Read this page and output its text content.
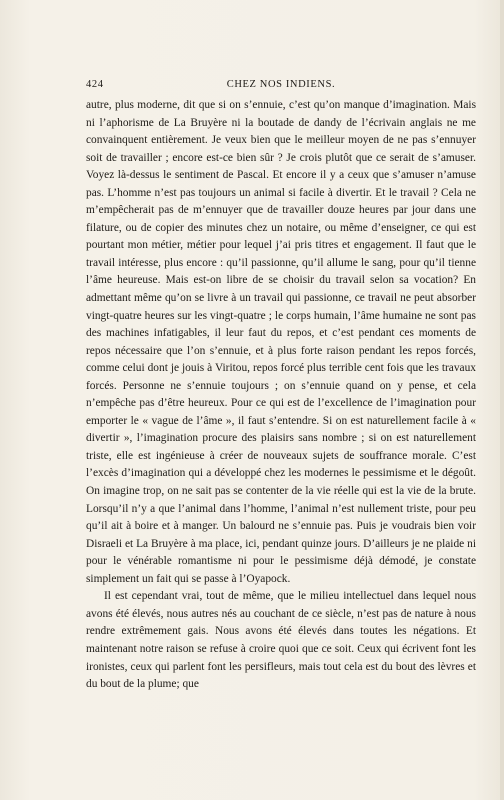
424	CHEZ NOS INDIENS.

autre, plus moderne, dit que si on s’ennuie, c’est qu’on manque d’imagination. Mais ni l’aphorisme de La Bruyère ni la boutade de dandy de l’écrivain anglais ne me convainquent entièrement. Je veux bien que le meilleur moyen de ne pas s’ennuyer soit de travailler ; encore est-ce bien sûr ? Je crois plutôt que ce serait de s’amuser. Voyez là-dessus le sentiment de Pascal. Et encore il y a ceux que s’amuser n’amuse pas. L’homme n’est pas toujours un animal si facile à divertir. Et le travail ? Cela ne m’empêcherait pas de m’ennuyer que de travailler douze heures par jour dans une filature, ou de copier des minutes chez un notaire, ou même d’enseigner, ce qui est pourtant mon métier, métier pour lequel j’ai pris titres et engagement. Il faut que le travail intéresse, plus encore : qu’il passionne, qu’il allume le sang, pour qu’il tienne l’âme heureuse. Mais est-on libre de se choisir du travail selon sa vocation? En admettant même qu’on se livre à un travail qui passionne, ce travail ne peut absorber vingt-quatre heures sur les vingt-quatre ; le corps humain, l’âme humaine ne sont pas des machines infatigables, il leur faut du repos, et c’est pendant ces moments de repos nécessaire que l’on s’ennuie, et à plus forte raison pendant les repos forcés, comme celui dont je jouis à Viritou, repos forcé plus terrible cent fois que les travaux forcés. Personne ne s’ennuie toujours ; on s’ennuie quand on y pense, et cela n’empêche pas d’être heureux. Pour ce qui est de l’excellence de l’imagination pour emporter le « vague de l’âme », il faut s’entendre. Si on est naturellement facile à « divertir », l’imagination procure des plaisirs sans nombre ; si on est naturellement triste, elle est ingénieuse à créer de nouveaux sujets de souffrance morale. C’est l’excès d’imagination qui a développé chez les modernes le pessimisme et le dégoût. On imagine trop, on ne sait pas se contenter de la vie réelle qui est la vie de la brute. Lorsqu’il n’y a que l’animal dans l’homme, l’animal n’est nullement triste, pour peu qu’il ait à boire et à manger. Un balourd ne s’ennuie pas. Puis je voudrais bien voir Disraeli et La Bruyère à ma place, ici, pendant quinze jours. D’ailleurs je ne plaide ni pour le vénérable romantisme ni pour le pessimisme déjà démodé, je constate simplement un fait qui se passe à l’Oyapock.

Il est cependant vrai, tout de même, que le milieu intellectuel dans lequel nous avons été élevés, nous autres nés au couchant de ce siècle, n’est pas de nature à nous rendre extrêmement gais. Nous avons été élevés dans toutes les négations. Et maintenant notre raison se refuse à croire quoi que ce soit. Ceux qui écrivent font les ironistes, ceux qui parlent font les persifleurs, mais tout cela est du bout des lèvres et du bout de la plume; que
